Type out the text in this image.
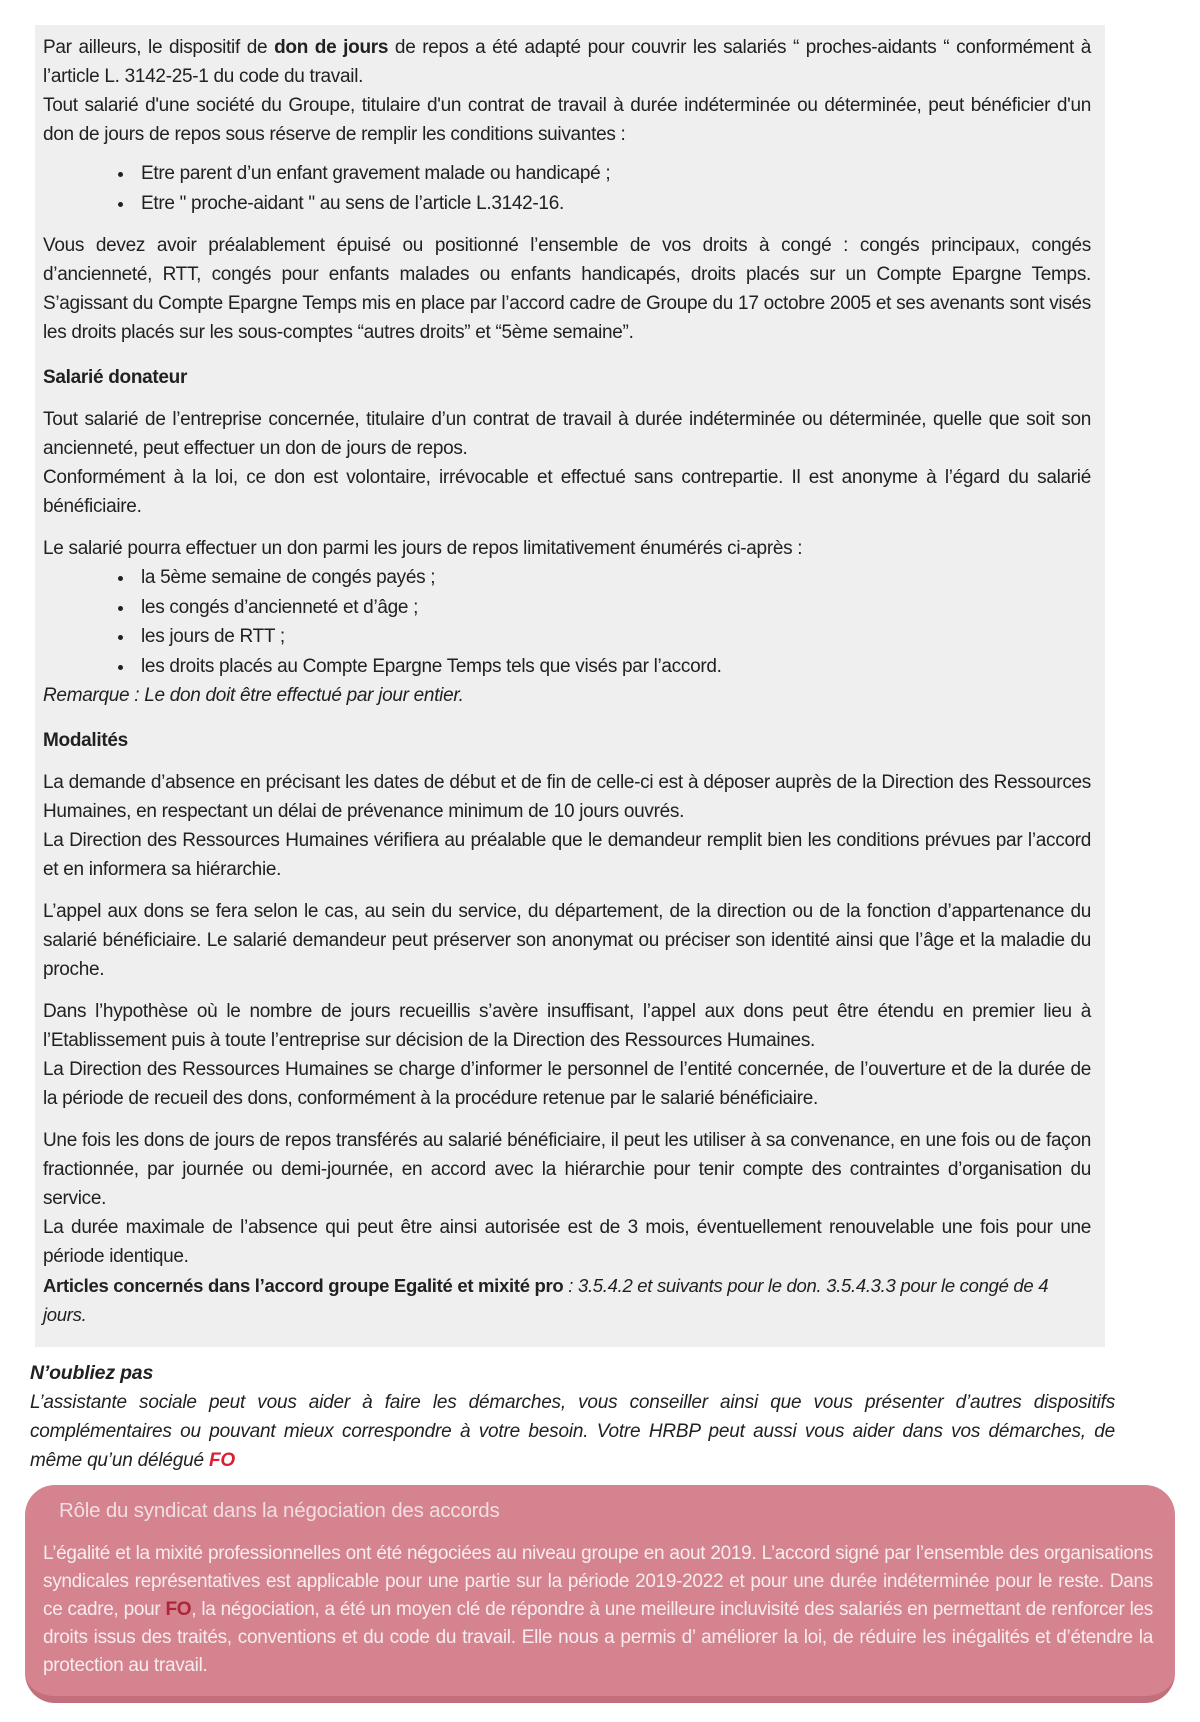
Par ailleurs, le dispositif de don de jours de repos a été adapté pour couvrir les salariés “ proches-aidants “ conformément à l’article L. 3142-25-1 du code du travail.

Tout salarié d'une société du Groupe, titulaire d'un contrat de travail à durée indéterminée ou déterminée, peut bénéficier d'un don de jours de repos sous réserve de remplir les conditions suivantes :

• Etre parent d’un enfant gravement malade ou handicapé ;
• Etre " proche-aidant " au sens de l’article L.3142-16.

Vous devez avoir préalablement épuisé ou positionné l’ensemble de vos droits à congé : congés principaux, congés d’ancienneté, RTT, congés pour enfants malades ou enfants handicapés, droits placés sur un Compte Epargne Temps. S’agissant du Compte Epargne Temps mis en place par l’accord cadre de Groupe du 17 octobre 2005 et ses avenants sont visés les droits placés sur les sous-comptes “autres droits” et “5ème semaine”.

Salarié donateur

Tout salarié de l’entreprise concernée, titulaire d’un contrat de travail à durée indéterminée ou déterminée, quelle que soit son ancienneté, peut effectuer un don de jours de repos.

Conformément à la loi, ce don est volontaire, irrévocable et effectué sans contrepartie. Il est anonyme à l’égard du salarié bénéficiaire.

Le salarié pourra effectuer un don parmi les jours de repos limitativement énumérés ci-après :

• la 5ème semaine de congés payés ;
• les congés d’ancienneté et d’âge ;
• les jours de RTT ;
• les droits placés au Compte Epargne Temps tels que visés par l’accord.

Remarque : Le don doit être effectué par jour entier.

Modalités

La demande d’absence en précisant les dates de début et de fin de celle-ci est à déposer auprès de la Direction des Ressources Humaines, en respectant un délai de prévenance minimum de 10 jours ouvrés.

La Direction des Ressources Humaines vérifiera au préalable que le demandeur remplit bien les conditions prévues par l’accord et en informera sa hiérarchie.

L’appel aux dons se fera selon le cas, au sein du service, du département, de la direction ou de la fonction d’appartenance du salarié bénéficiaire. Le salarié demandeur peut préserver son anonymat ou préciser son identité ainsi que l’âge et la maladie du proche.

Dans l’hypothèse où le nombre de jours recueillis s’avère insuffisant, l’appel aux dons peut être étendu en premier lieu à l’Etablissement puis à toute l’entreprise sur décision de la Direction des Ressources Humaines.

La Direction des Ressources Humaines se charge d’informer le personnel de l’entité concernée, de l’ouverture et de la durée de la période de recueil des dons, conformément à la procédure retenue par le salarié bénéficiaire.

Une fois les dons de jours de repos transférés au salarié bénéficiaire, il peut les utiliser à sa convenance, en une fois ou de façon fractionnée, par journée ou demi-journée, en accord avec la hiérarchie pour tenir compte des contraintes d’organisation du service.

La durée maximale de l’absence qui peut être ainsi autorisée est de 3 mois, éventuellement renouvelable une fois pour une période identique.

Articles concernés dans l’accord groupe Egalité et mixité pro : 3.5.4.2 et suivants pour le don. 3.5.4.3.3 pour le congé de 4 jours.

N’oubliez pas

L’assistante sociale peut vous aider à faire les démarches, vous conseiller ainsi que vous présenter d’autres dispositifs complémentaires ou pouvant mieux correspondre à votre besoin. Votre HRBP peut aussi vous aider dans vos démarches, de même qu’un délégué FO

Rôle du syndicat dans la négociation des accords

L’égalité et la mixité professionnelles ont été négociées au niveau groupe en aout 2019. L’accord signé par l’ensemble des organisations syndicales représentatives est applicable pour une partie sur la période 2019-2022 et pour une durée indéterminée pour le reste. Dans ce cadre, pour FO, la négociation, a été un moyen clé de répondre à une meilleure incluvisité des salariés en permettant de renforcer les droits issus des traités, conventions et du code du travail. Elle nous a permis d’ améliorer la loi, de réduire les inégalités et d’étendre la protection au travail.
